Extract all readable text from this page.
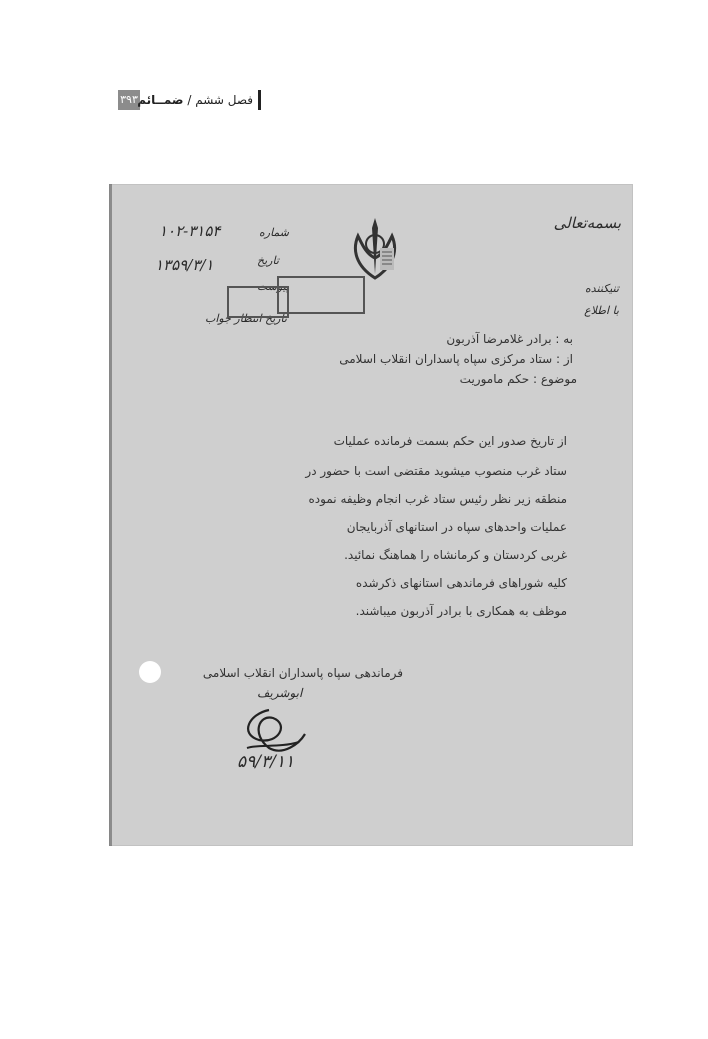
۳۹۳	فصل ششم / ضمــائم
بسمه‌تعالی
تنیکننده
با اطلاع
شماره
۱۰۲-۳۱۵۴
تاریخ
۱۳۵۹/۳/۱
پیوست
تاریخ انتظار جواب
به : برادر غلامرضا آذربون
از : ستاد مرکزی سپاه پاسداران انقلاب اسلامی
موضوع : حکم ماموریت
از تاریخ صدور این حکم بسمت فرمانده عملیات
ستاد غرب منصوب میشوید مقتضی است با حضور در
منطقه زیر نظر رئیس ستاد غرب انجام وظیفه نموده
عملیات واحدهای سپاه در استانهای آذربایجان
غربی کردستان و کرمانشاه را هماهنگ نمائید.
کلیه شوراهای فرماندهی استانهای ذکرشده
موظف به همکاری با برادر آذربون میباشند.
فرماندهی سپاه پاسداران انقلاب اسلامی
ابوشریف
۵۹/۳/۱۱
